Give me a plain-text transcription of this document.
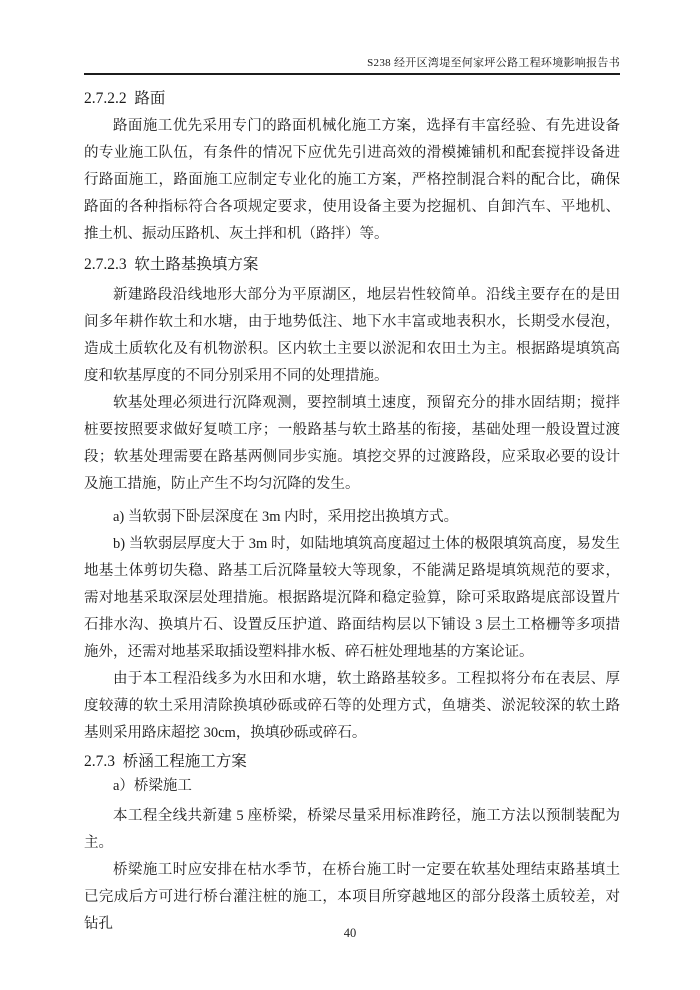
S238 经开区湾堤至何家坪公路工程环境影响报告书

2.7.2.2  路面

路面施工优先采用专门的路面机械化施工方案，选择有丰富经验、有先进设备的专业施工队伍，有条件的情况下应优先引进高效的滑模摊铺机和配套搅拌设备进行路面施工，路面施工应制定专业化的施工方案，严格控制混合料的配合比，确保路面的各种指标符合各项规定要求，使用设备主要为挖掘机、自卸汽车、平地机、推土机、振动压路机、灰土拌和机（路拌）等。

2.7.2.3  软土路基换填方案

新建路段沿线地形大部分为平原湖区，地层岩性较简单。沿线主要存在的是田间多年耕作软土和水塘，由于地势低注、地下水丰富或地表积水，长期受水侵泡，造成土质软化及有机物淤积。区内软土主要以淤泥和农田土为主。根据路堤填筑高度和软基厚度的不同分别采用不同的处理措施。

软基处理必须进行沉降观测，要控制填土速度，预留充分的排水固结期；搅拌桩要按照要求做好复喷工序；一般路基与软土路基的衔接，基础处理一般设置过渡段；软基处理需要在路基两侧同步实施。填挖交界的过渡路段，应采取必要的设计及施工措施，防止产生不均匀沉降的发生。

a) 当软弱下卧层深度在 3m 内时，采用挖出换填方式。

b) 当软弱层厚度大于 3m 时，如陆地填筑高度超过土体的极限填筑高度，易发生地基土体剪切失稳、路基工后沉降量较大等现象，不能满足路堤填筑规范的要求，需对地基采取深层处理措施。根据路堤沉降和稳定验算，除可采取路堤底部设置片石排水沟、换填片石、设置反压护道、路面结构层以下铺设 3 层土工格栅等多项措施外，还需对地基采取插设塑料排水板、碎石桩处理地基的方案论证。

由于本工程沿线多为水田和水塘，软土路路基较多。工程拟将分布在表层、厚度较薄的软土采用清除换填砂砾或碎石等的处理方式，鱼塘类、淤泥较深的软土路基则采用路床超挖 30cm，换填砂砾或碎石。

2.7.3  桥涵工程施工方案

a）桥梁施工

本工程全线共新建 5 座桥梁，桥梁尽量采用标准跨径，施工方法以预制装配为主。

桥梁施工时应安排在枯水季节，在桥台施工时一定要在软基处理结束路基填土已完成后方可进行桥台灌注桩的施工，本项目所穿越地区的部分段落土质较差，对钻孔

40
